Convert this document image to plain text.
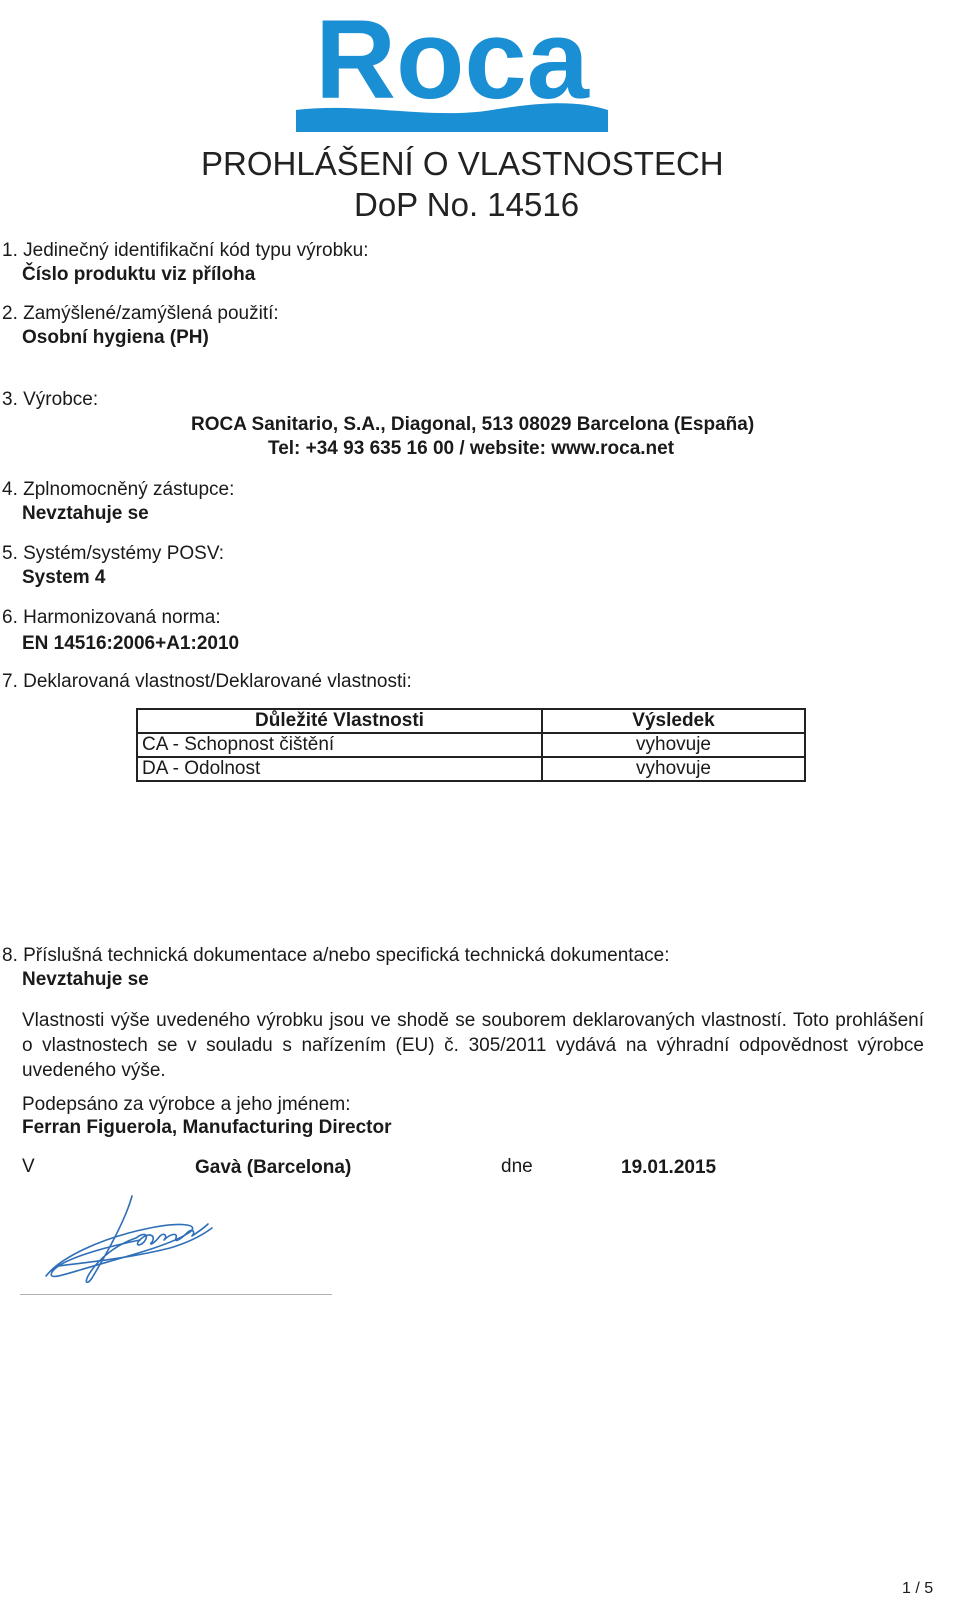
Roca
PROHLÁŠENÍ O VLASTNOSTECH
DoP No. 14516
1. Jedinečný identifikační kód typu výrobku:
Číslo produktu viz příloha
2. Zamýšlené/zamýšlená použití:
Osobní hygiena (PH)
3. Výrobce:
ROCA Sanitario, S.A., Diagonal, 513 08029 Barcelona (España)
Tel: +34 93 635 16 00 / website: www.roca.net
4. Zplnomocněný zástupce:
Nevztahuje se
5. Systém/systémy POSV:
System 4
6. Harmonizovaná norma:
EN 14516:2006+A1:2010
7. Deklarovaná vlastnost/Deklarované vlastnosti:
Důležité Vlastnosti	Výsledek
CA - Schopnost čištění	vyhovuje
DA - Odolnost	vyhovuje
8. Příslušná technická dokumentace a/nebo specifická technická dokumentace:
Nevztahuje se
Vlastnosti výše uvedeného výrobku jsou ve shodě se souborem deklarovaných vlastností. Toto prohlášení o vlastnostech se v souladu s nařízením (EU) č. 305/2011 vydává na výhradní odpovědnost výrobce uvedeného výše.
Podepsáno za výrobce a jeho jménem:
Ferran Figuerola, Manufacturing Director
V	Gavà (Barcelona)	dne	19.01.2015
1 / 5
